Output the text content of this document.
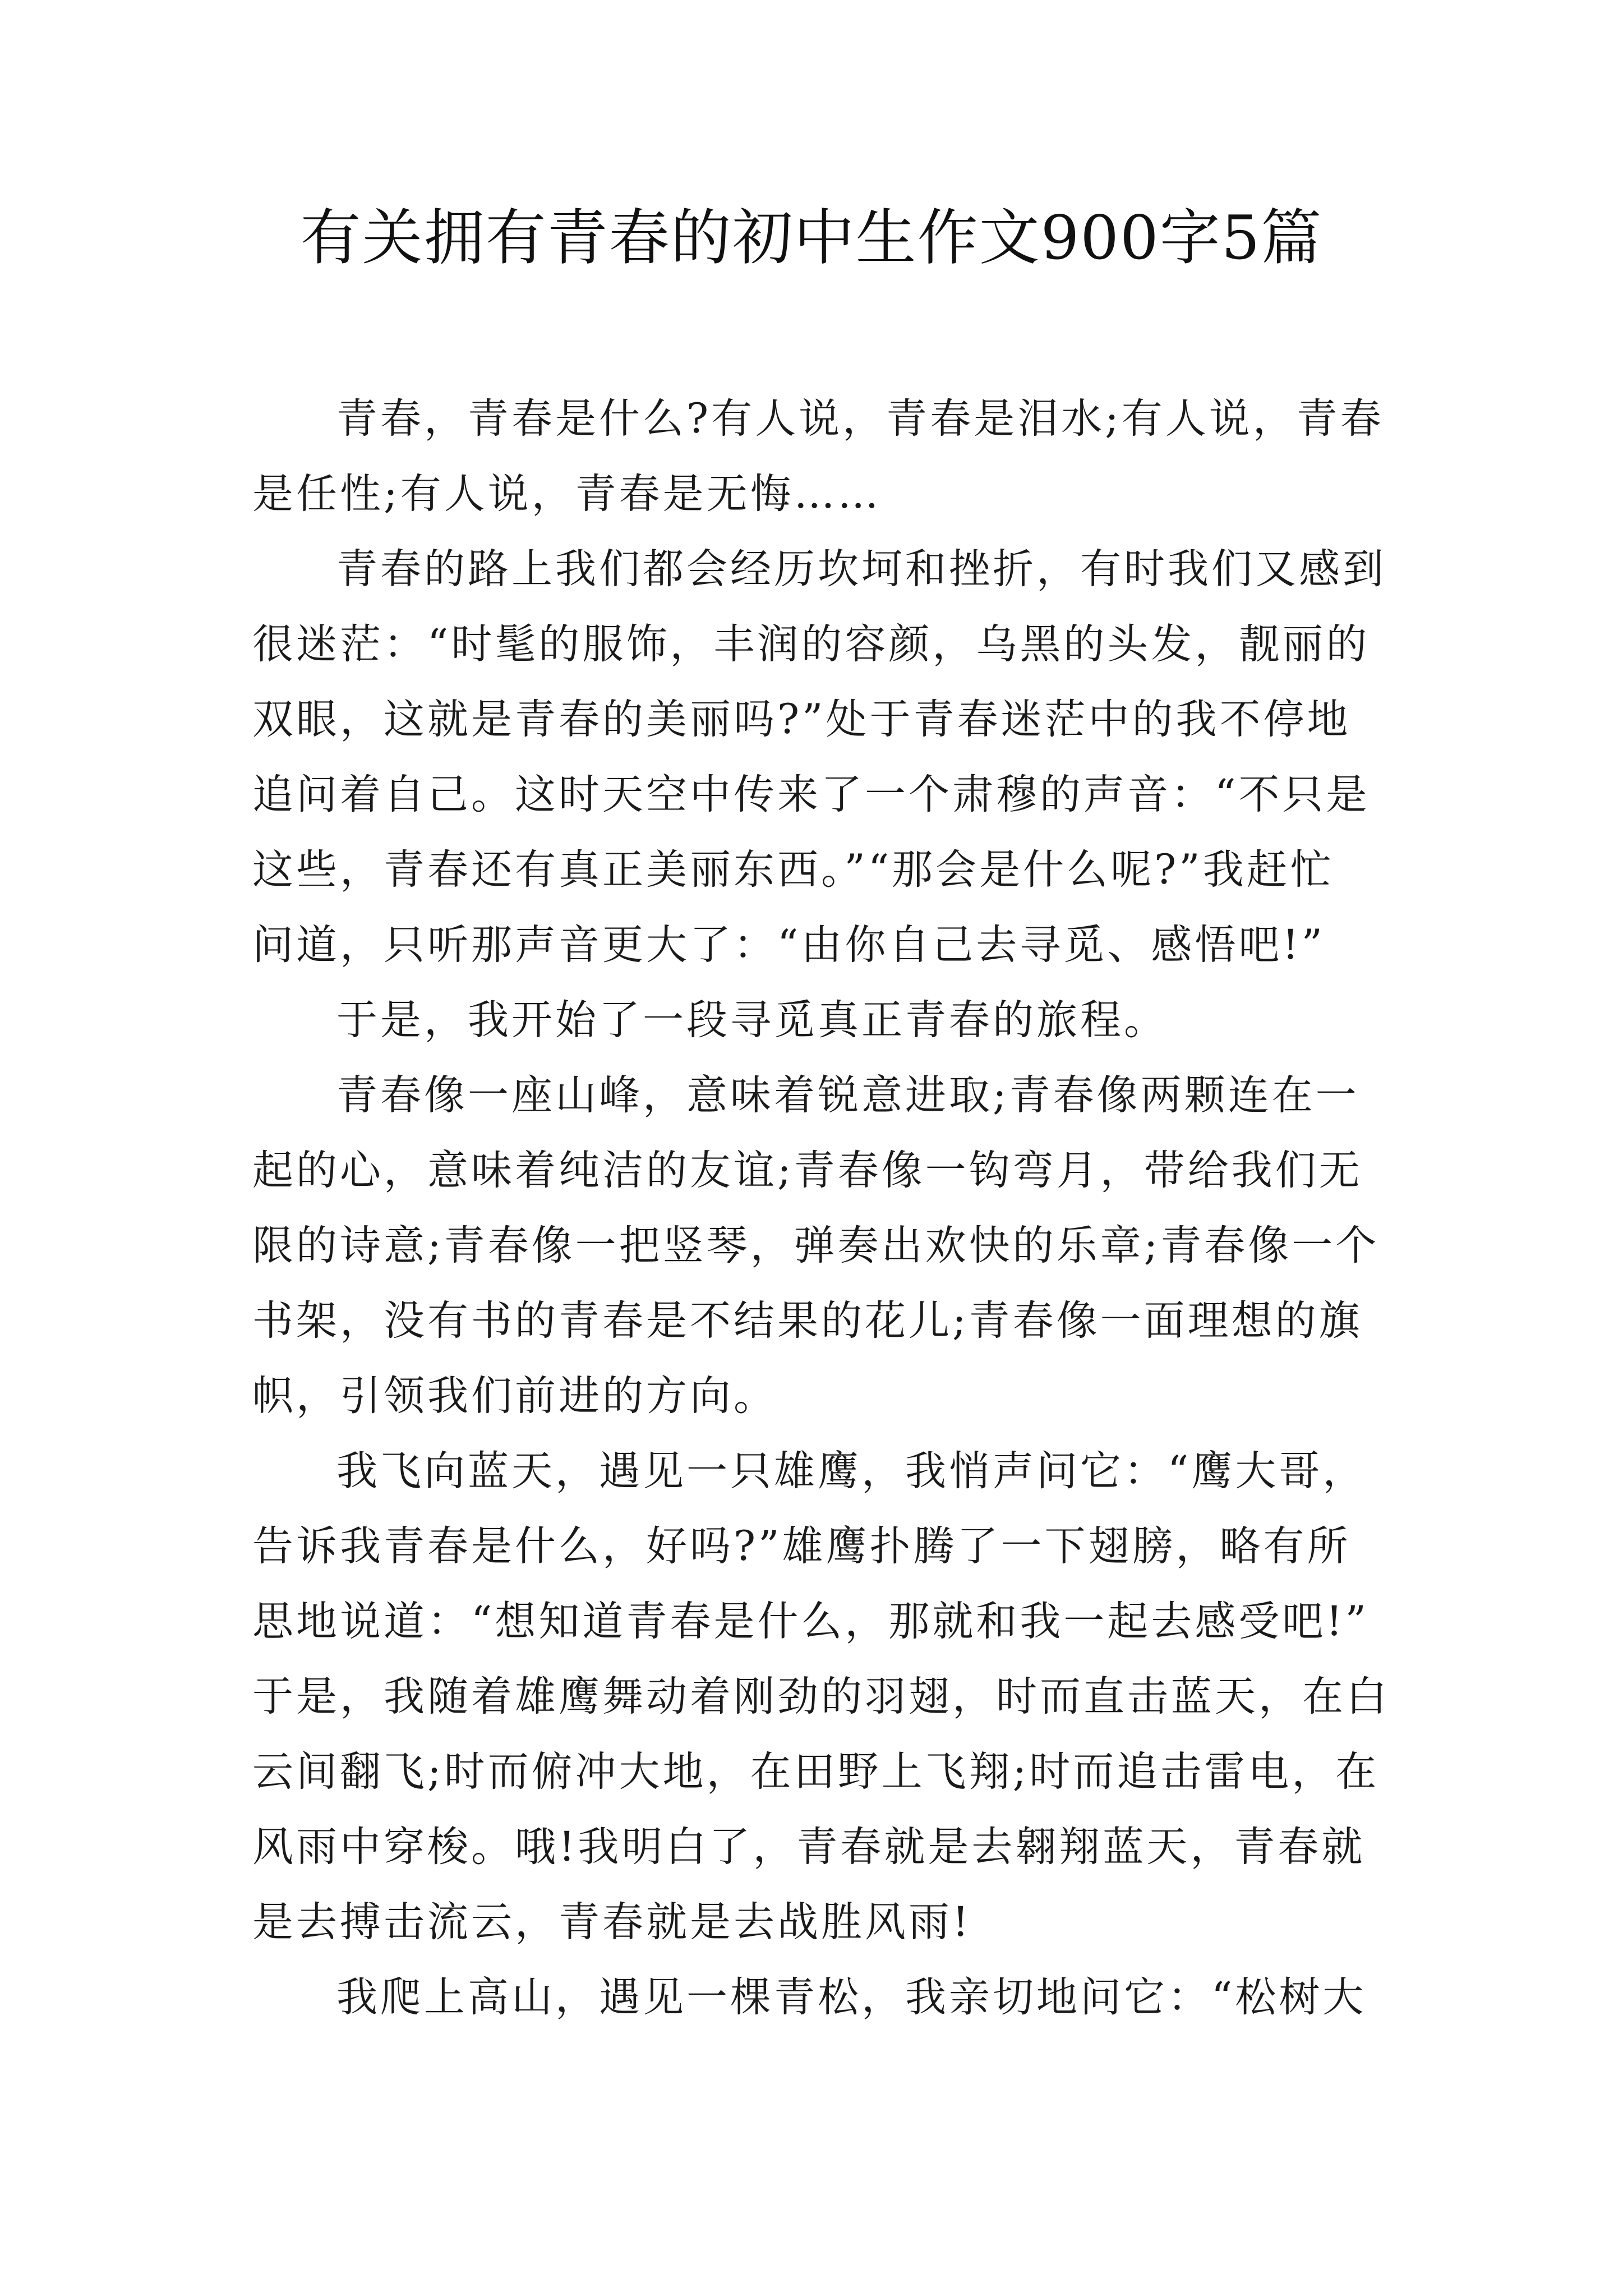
有关拥有青春的初中生作文900字5篇
青春，青春是什么?有人说，青春是泪水;有人说，青春
是任性;有人说，青春是无悔……
青春的路上我们都会经历坎坷和挫折，有时我们又感到
很迷茫：“时髦的服饰，丰润的容颜，乌黑的头发，靓丽的
双眼，这就是青春的美丽吗?”处于青春迷茫中的我不停地
追问着自己。这时天空中传来了一个肃穆的声音：“不只是
这些，青春还有真正美丽东西。”“那会是什么呢?”我赶忙
问道，只听那声音更大了：“由你自己去寻觅、感悟吧!”
于是，我开始了一段寻觅真正青春的旅程。
青春像一座山峰，意味着锐意进取;青春像两颗连在一
起的心，意味着纯洁的友谊;青春像一钩弯月，带给我们无
限的诗意;青春像一把竖琴，弹奏出欢快的乐章;青春像一个
书架，没有书的青春是不结果的花儿;青春像一面理想的旗
帜，引领我们前进的方向。
我飞向蓝天，遇见一只雄鹰，我悄声问它：“鹰大哥，
告诉我青春是什么，好吗?”雄鹰扑腾了一下翅膀，略有所
思地说道：“想知道青春是什么，那就和我一起去感受吧!”
于是，我随着雄鹰舞动着刚劲的羽翅，时而直击蓝天，在白
云间翻飞;时而俯冲大地，在田野上飞翔;时而追击雷电，在
风雨中穿梭。哦!我明白了，青春就是去翱翔蓝天，青春就
是去搏击流云，青春就是去战胜风雨!
我爬上高山，遇见一棵青松，我亲切地问它：“松树大
